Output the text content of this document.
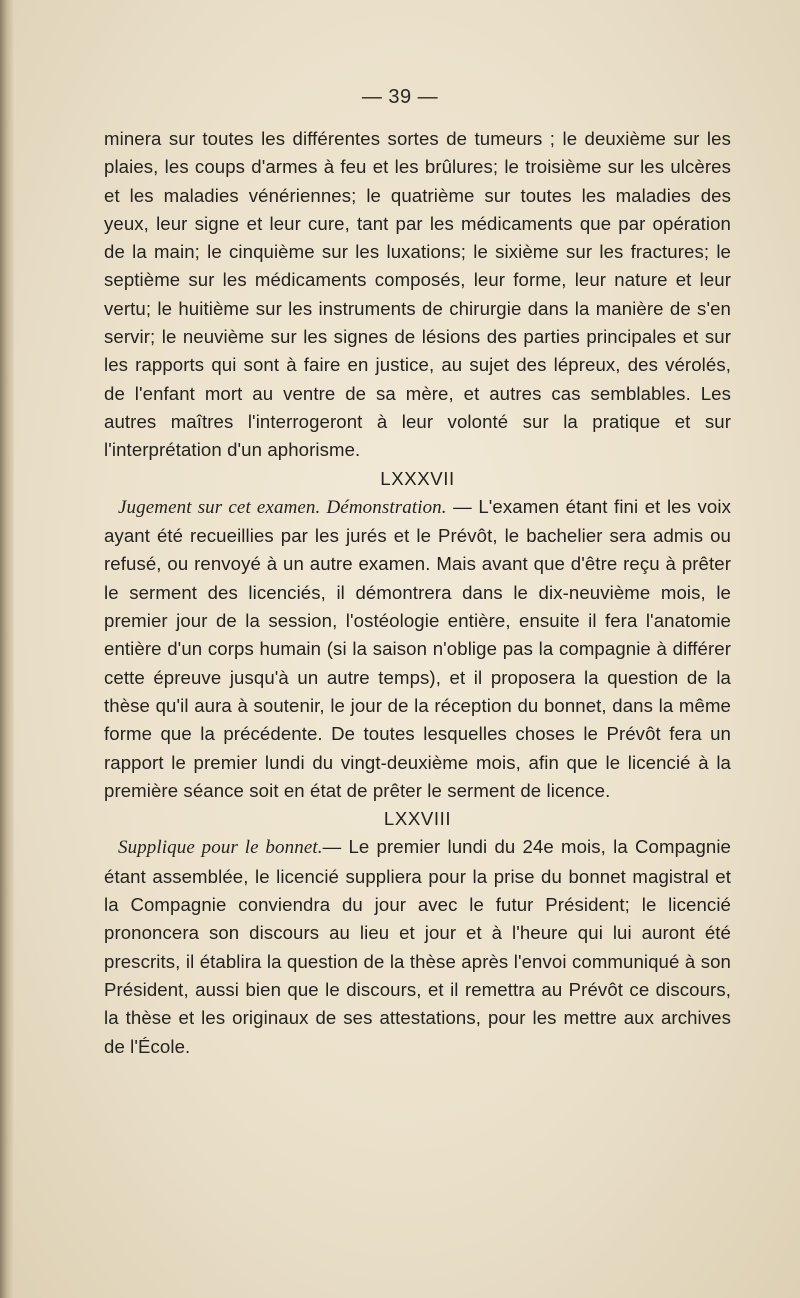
— 39 —

minera sur toutes les différentes sortes de tumeurs ; le deuxième sur les plaies, les coups d'armes à feu et les brûlures; le troisième sur les ulcères et les maladies vénériennes; le quatrième sur toutes les maladies des yeux, leur signe et leur cure, tant par les médicaments que par opération de la main; le cinquième sur les luxations; le sixième sur les fractures; le septième sur les médicaments composés, leur forme, leur nature et leur vertu; le huitième sur les instruments de chirurgie dans la manière de s'en servir; le neuvième sur les signes de lésions des parties principales et sur les rapports qui sont à faire en justice, au sujet des lépreux, des vérolés, de l'enfant mort au ventre de sa mère, et autres cas semblables. Les autres maîtres l'interrogeront à leur volonté sur la pratique et sur l'interprétation d'un aphorisme.

LXXXVII

Jugement sur cet examen. Démonstration. — L'examen étant fini et les voix ayant été recueillies par les jurés et le Prévôt, le bachelier sera admis ou refusé, ou renvoyé à un autre examen. Mais avant que d'être reçu à prêter le serment des licenciés, il démontrera dans le dix-neuvième mois, le premier jour de la session, l'ostéologie entière, ensuite il fera l'anatomie entière d'un corps humain (si la saison n'oblige pas la compagnie à différer cette épreuve jusqu'à un autre temps), et il proposera la question de la thèse qu'il aura à soutenir, le jour de la réception du bonnet, dans la même forme que la précédente. De toutes lesquelles choses le Prévôt fera un rapport le premier lundi du vingt-deuxième mois, afin que le licencié à la première séance soit en état de prêter le serment de licence.

LXXVIII

Supplique pour le bonnet.— Le premier lundi du 24e mois, la Compagnie étant assemblée, le licencié suppliera pour la prise du bonnet magistral et la Compagnie conviendra du jour avec le futur Président; le licencié prononcera son discours au lieu et jour et à l'heure qui lui auront été prescrits, il établira la question de la thèse après l'envoi communiqué à son Président, aussi bien que le discours, et il remettra au Prévôt ce discours, la thèse et les originaux de ses attestations, pour les mettre aux archives de l'École.
